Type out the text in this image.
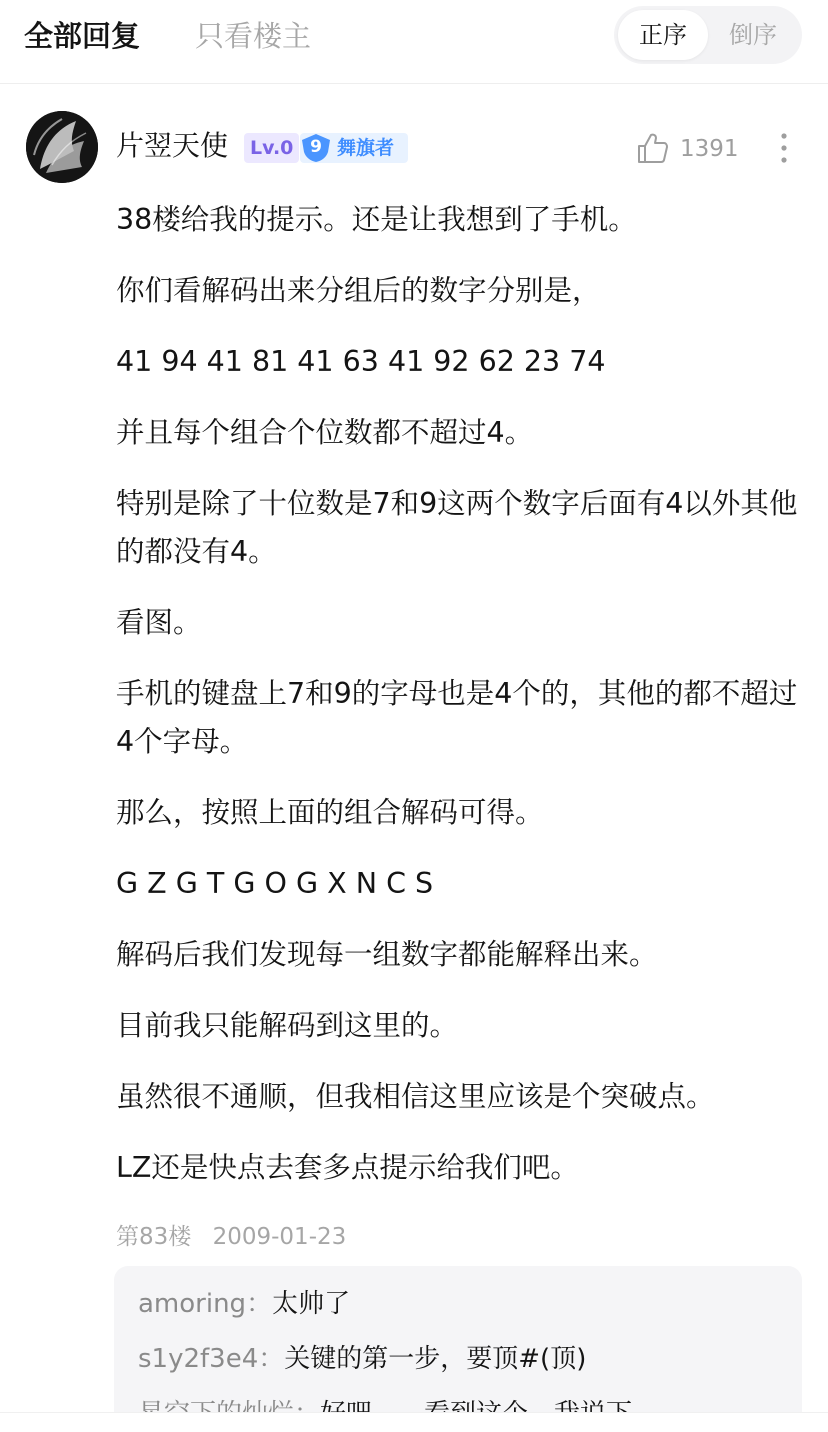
全部回复 只看楼主	正序	倒序
片翌天使	Lv.0 9 舞旗者	1391

38楼给我的提示。还是让我想到了手机。

你们看解码出来分组后的数字分别是，

41 94 41 81 41 63 41 92 62 23 74

并且每个组合个位数都不超过4。

特别是除了十位数是7和9这两个数字后面有4以外其他的都没有4。

看图。

手机的键盘上7和9的字母也是4个的，其他的都不超过4个字母。

那么，按照上面的组合解码可得。

G Z G T G O G X N C S

解码后我们发现每一组数字都能解释出来。

目前我只能解码到这里的。

虽然很不通顺，但我相信这里应该是个突破点。

LZ还是快点去套多点提示给我们吧。

第83楼 2009-01-23
amoring：太帅了
s1y2f3e4：关键的第一步，要顶#(顶)
